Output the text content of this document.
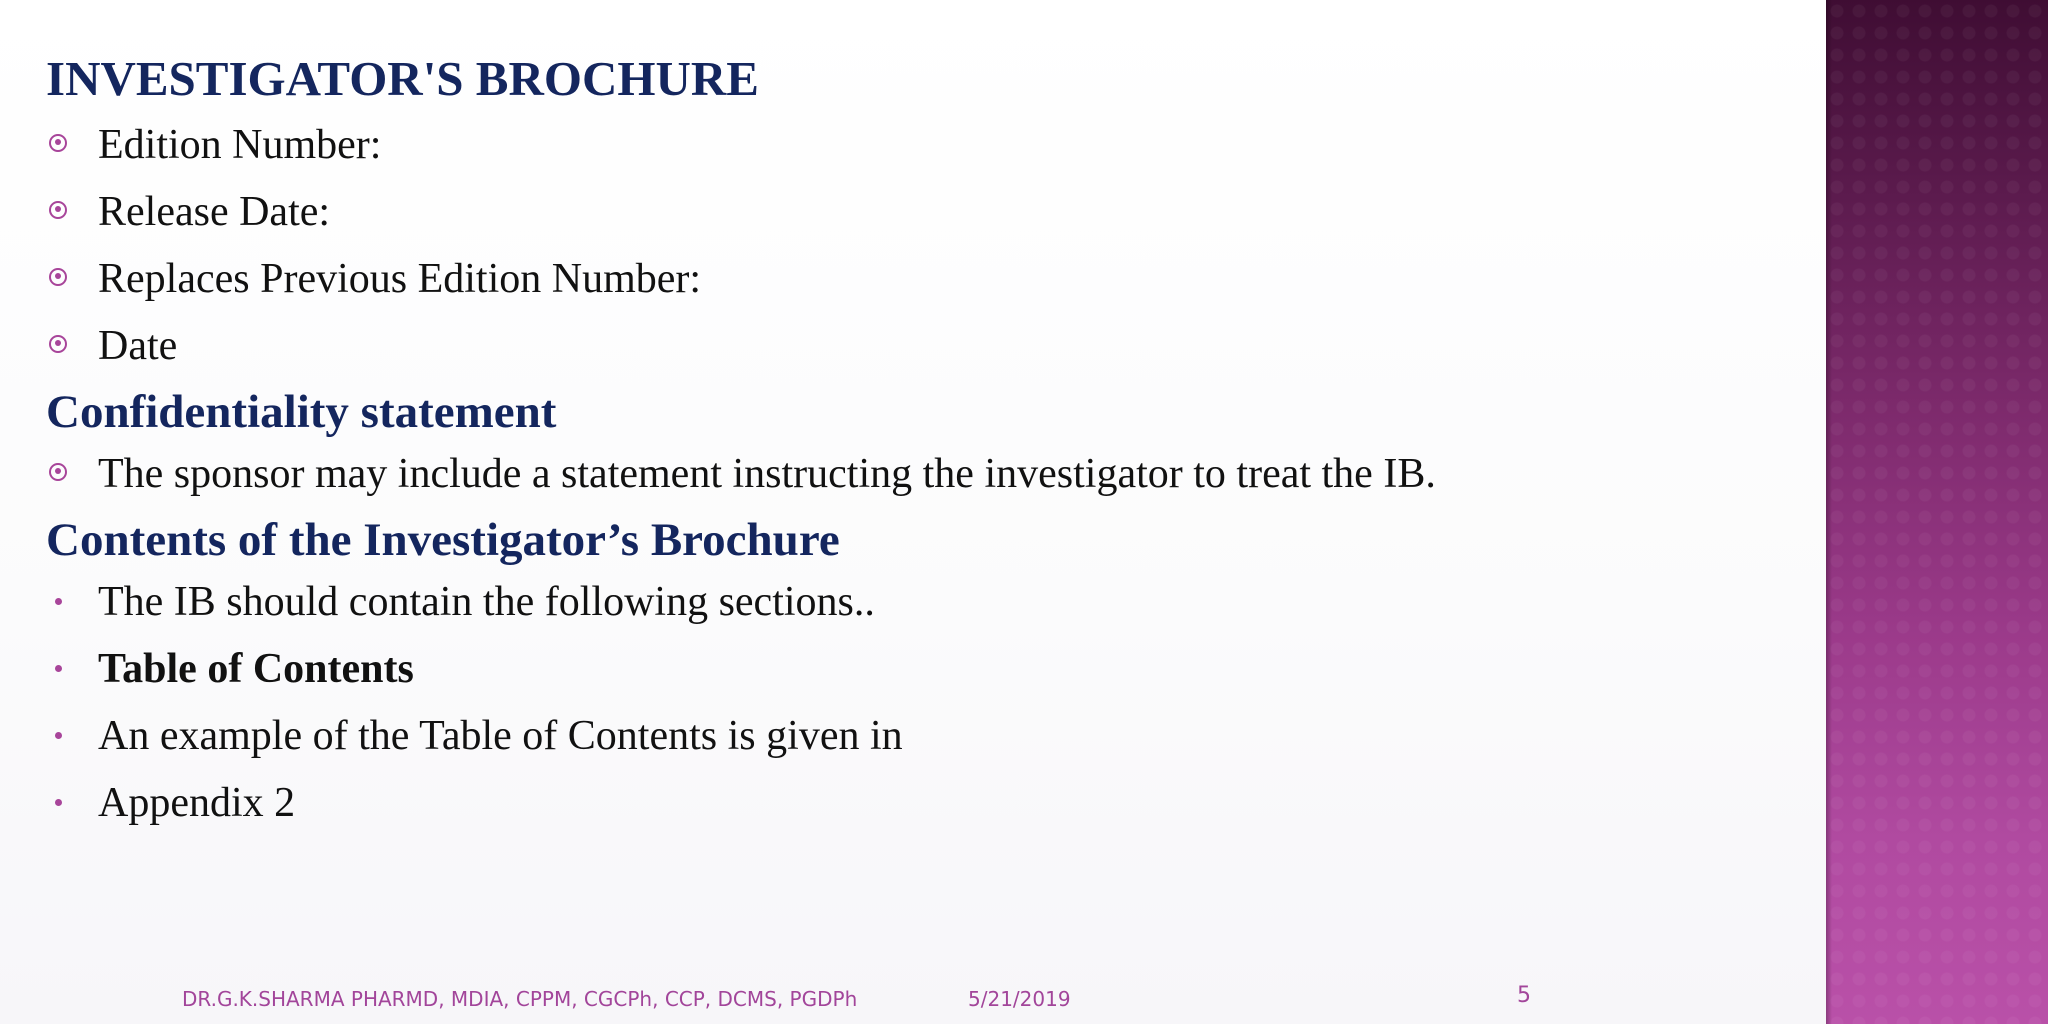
INVESTIGATOR'S BROCHURE
Edition Number:
Release Date:
Replaces Previous Edition Number:
Date
Confidentiality statement
The sponsor may include a statement instructing the investigator to treat the IB.
Contents of the Investigator’s Brochure
The IB should contain the following sections..
Table of Contents
An example of the Table of Contents is given in
Appendix 2
DR.G.K.SHARMA PHARMD, MDIA, CPPM, CGCPh, CCP, DCMS, PGDPh	5/21/2019	5
